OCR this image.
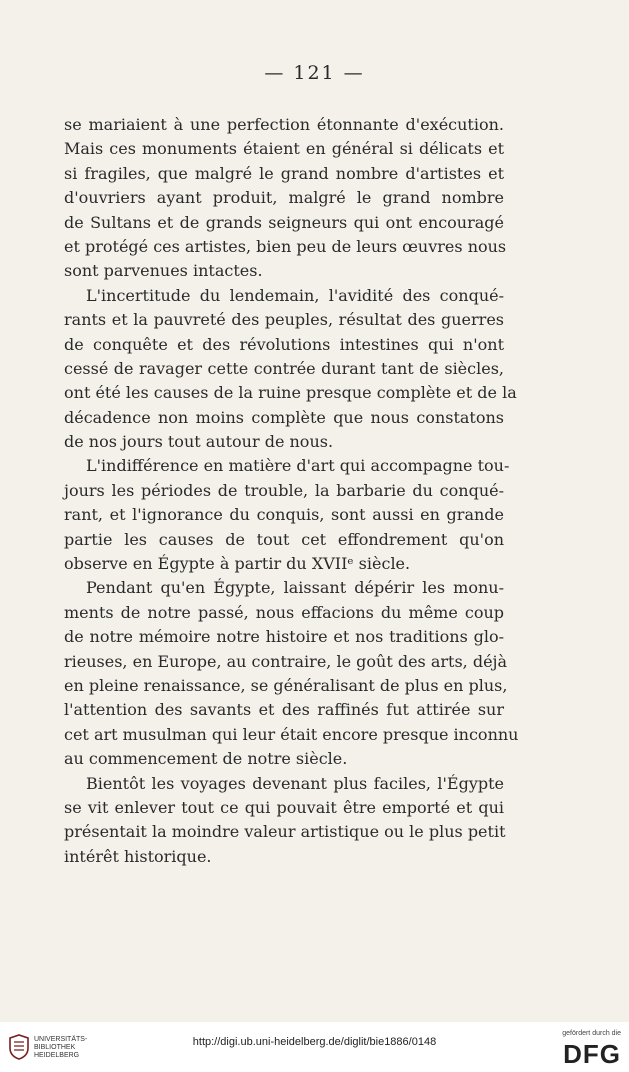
— 121 —
se mariaient à une perfection étonnante d'exécution.
Mais ces monuments étaient en général si délicats et
si fragiles, que malgré le grand nombre d'artistes et
d'ouvriers ayant produit, malgré le grand nombre
de Sultans et de grands seigneurs qui ont encouragé
et protégé ces artistes, bien peu de leurs œuvres nous
sont parvenues intactes.
L'incertitude du lendemain, l'avidité des conqué-
rants et la pauvreté des peuples, résultat des guerres
de conquête et des révolutions intestines qui n'ont
cessé de ravager cette contrée durant tant de siècles,
ont été les causes de la ruine presque complète et de la
décadence non moins complète que nous constatons
de nos jours tout autour de nous.
L'indifférence en matière d'art qui accompagne tou-
jours les périodes de trouble, la barbarie du conqué-
rant, et l'ignorance du conquis, sont aussi en grande
partie les causes de tout cet effondrement qu'on
observe en Égypte à partir du XVIIᵉ siècle.
Pendant qu'en Égypte, laissant dépérir les monu-
ments de notre passé, nous effacions du même coup
de notre mémoire notre histoire et nos traditions glo-
rieuses, en Europe, au contraire, le goût des arts, déjà
en pleine renaissance, se généralisant de plus en plus,
l'attention des savants et des raffinés fut attirée sur
cet art musulman qui leur était encore presque inconnu
au commencement de notre siècle.
Bientôt les voyages devenant plus faciles, l'Égypte
se vit enlever tout ce qui pouvait être emporté et qui
présentait la moindre valeur artistique ou le plus petit
intérêt historique.
UNIVERSITÄTS-
BIBLIOTHEK
HEIDELBERG
http://digi.ub.uni-heidelberg.de/diglit/bie1886/0148
gefördert durch die
DFG
